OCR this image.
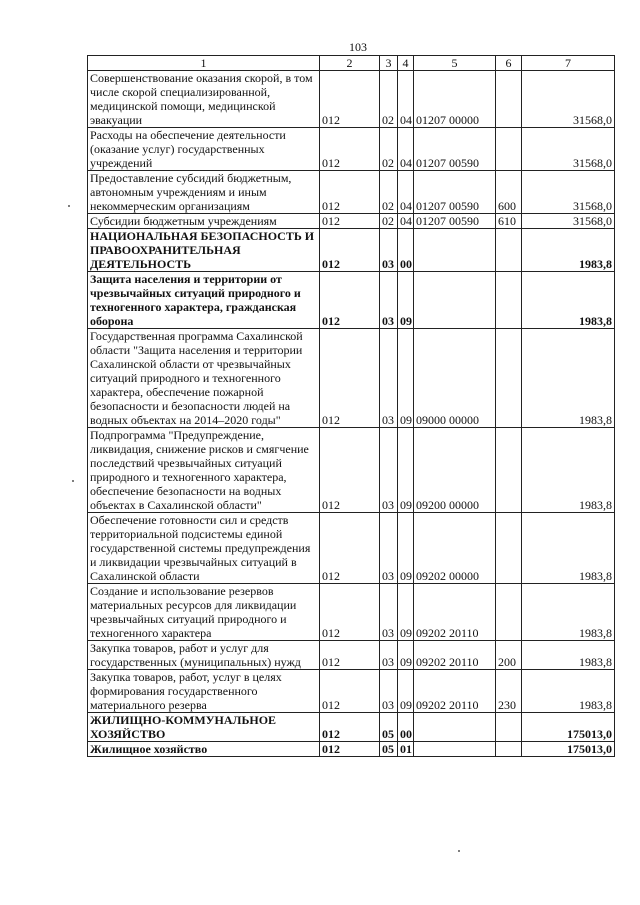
103
1	2	3	4	5	6	7
Совершенствование оказания скорой, в том числе скорой специализированной, медицинской помощи, медицинской эвакуации	012	02	04	01207 00000		31568,0
Расходы на обеспечение деятельности (оказание услуг) государственных учреждений	012	02	04	01207 00590		31568,0
Предоставление субсидий бюджетным, автономным учреждениям и иным некоммерческим организациям	012	02	04	01207 00590	600	31568,0
Субсидии бюджетным учреждениям	012	02	04	01207 00590	610	31568,0
НАЦИОНАЛЬНАЯ БЕЗОПАСНОСТЬ И ПРАВООХРАНИТЕЛЬНАЯ ДЕЯТЕЛЬНОСТЬ	012	03	00			1983,8
Защита населения и территории от чрезвычайных ситуаций природного и техногенного характера, гражданская оборона	012	03	09			1983,8
Государственная программа Сахалинской области "Защита населения и территории Сахалинской области от чрезвычайных ситуаций природного и техногенного характера, обеспечение пожарной безопасности и безопасности людей на водных объектах на 2014–2020 годы"	012	03	09	09000 00000		1983,8
Подпрограмма "Предупреждение, ликвидация, снижение рисков и смягчение последствий чрезвычайных ситуаций природного и техногенного характера, обеспечение безопасности на водных объектах в Сахалинской области"	012	03	09	09200 00000		1983,8
Обеспечение готовности сил и средств территориальной подсистемы единой государственной системы предупреждения и ликвидации чрезвычайных ситуаций в Сахалинской области	012	03	09	09202 00000		1983,8
Создание и использование резервов материальных ресурсов для ликвидации чрезвычайных ситуаций природного и техногенного характера	012	03	09	09202 20110		1983,8
Закупка товаров, работ и услуг для государственных (муниципальных) нужд	012	03	09	09202 20110	200	1983,8
Закупка товаров, работ, услуг в целях формирования государственного материального резерва	012	03	09	09202 20110	230	1983,8
ЖИЛИЩНО-КОММУНАЛЬНОЕ ХОЗЯЙСТВО	012	05	00			175013,0
Жилищное хозяйство	012	05	01			175013,0
